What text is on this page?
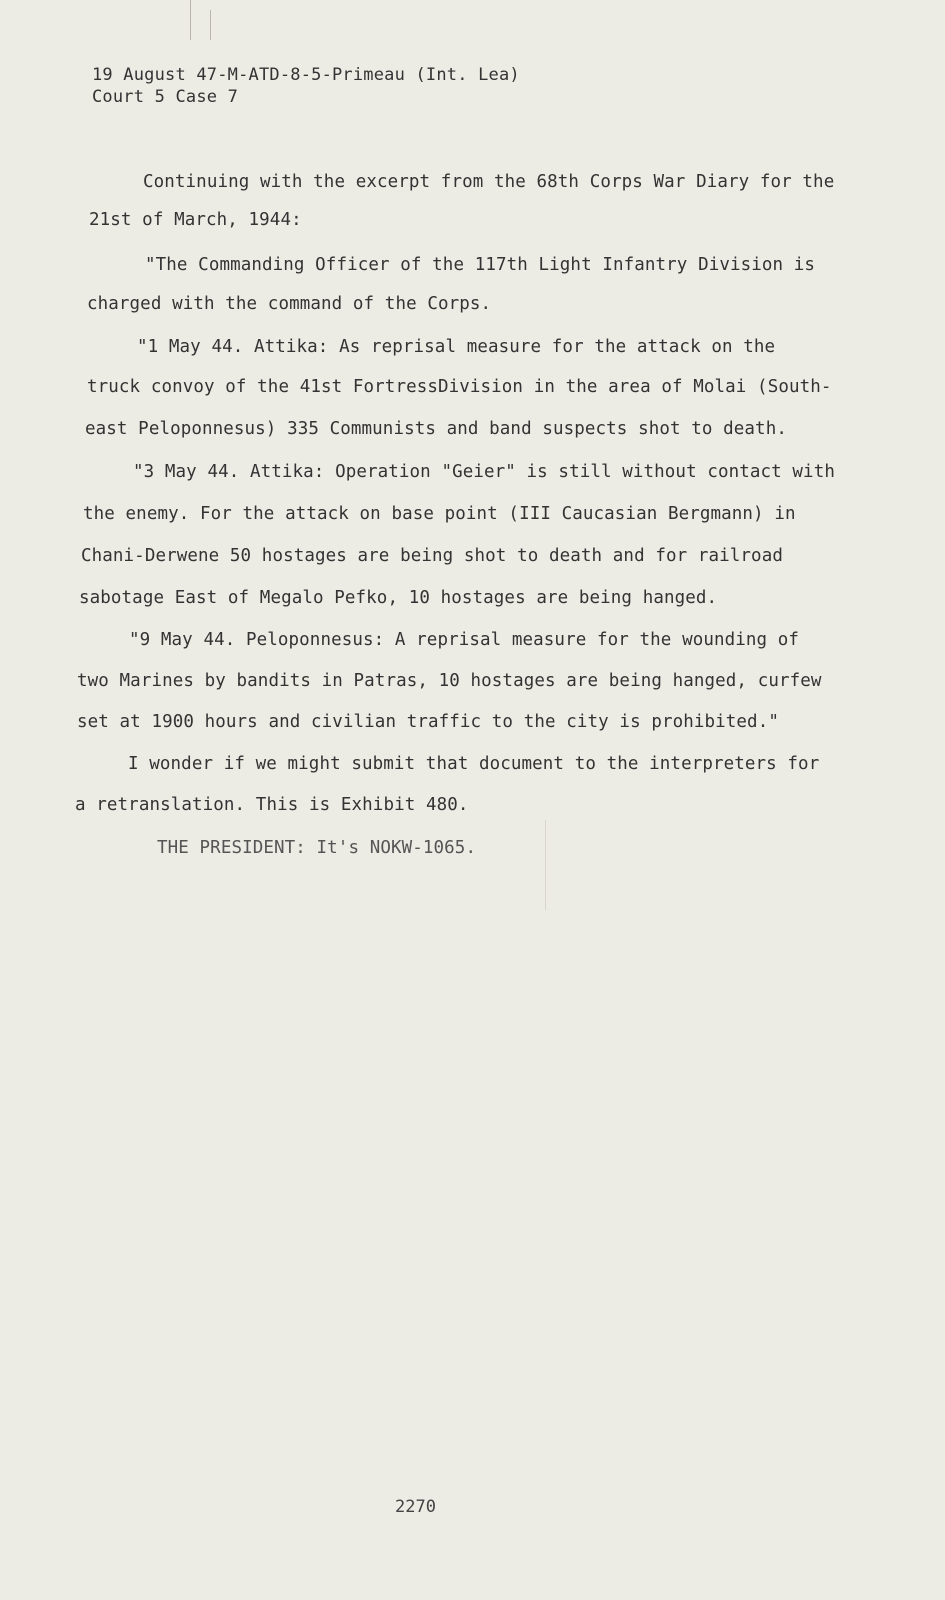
19 August 47-M-ATD-8-5-Primeau (Int. Lea)
Court 5 Case 7
Continuing with the excerpt from the 68th Corps War Diary for the
21st of March, 1944:
"The Commanding Officer of the 117th Light Infantry Division is
charged with the command of the Corps.
"1 May 44. Attika: As reprisal measure for the attack on the
truck convoy of the 41st FortressDivision in the area of Molai (South-
east Peloponnesus) 335 Communists and band suspects shot to death.
"3 May 44. Attika: Operation "Geier" is still without contact with
the enemy. For the attack on base point (III Caucasian Bergmann) in
Chani-Derwene 50 hostages are being shot to death and for railroad
sabotage East of Megalo Pefko, 10 hostages are being hanged.
"9 May 44. Peloponnesus: A reprisal measure for the wounding of
two Marines by bandits in Patras, 10 hostages are being hanged, curfew
set at 1900 hours and civilian traffic to the city is prohibited."
I wonder if we might submit that document to the interpreters for
a retranslation. This is Exhibit 480.
THE PRESIDENT: It's NOKW-1065.
2270
